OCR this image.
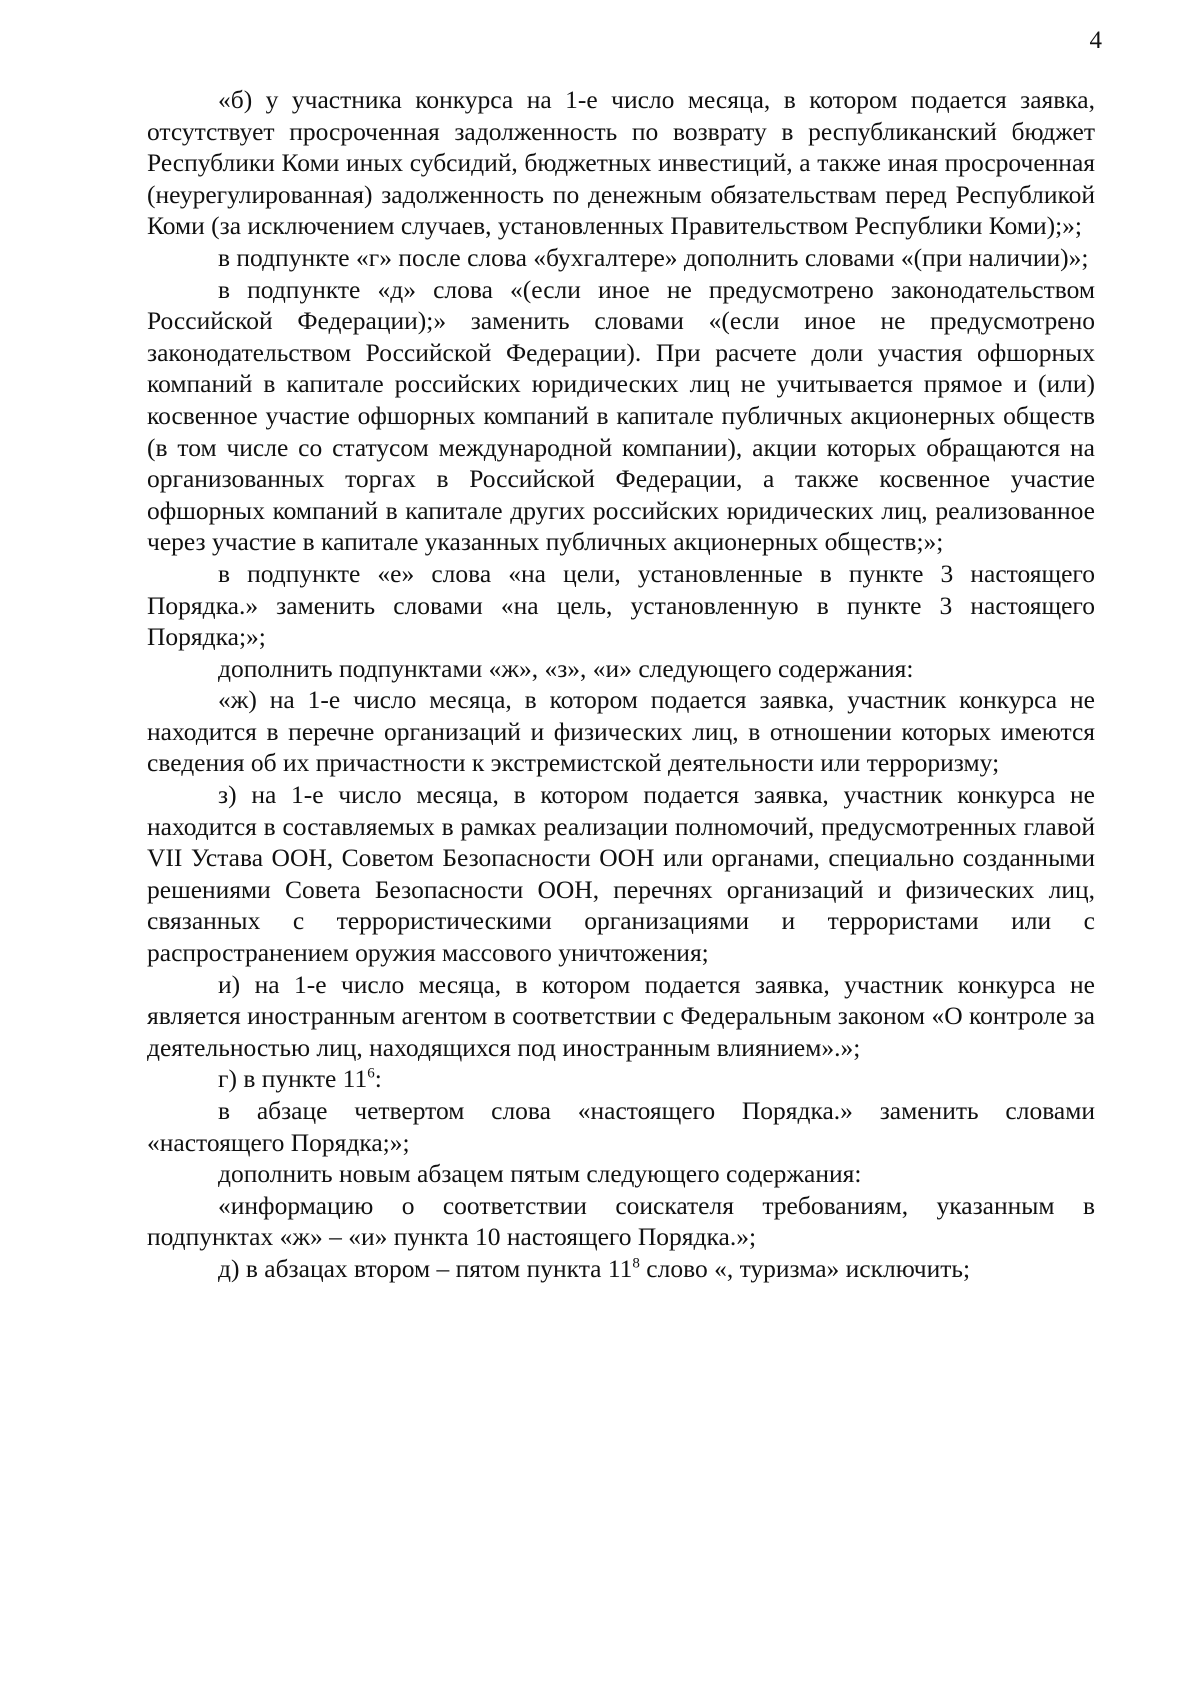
4

«б) у участника конкурса на 1-е число месяца, в котором подается заявка, отсутствует просроченная задолженность по возврату в республиканский бюджет Республики Коми иных субсидий, бюджетных инвестиций, а также иная просроченная (неурегулированная) задолженность по денежным обязательствам перед Республикой Коми (за исключением случаев, установленных Правительством Республики Коми);»;

в подпункте «г» после слова «бухгалтере» дополнить словами «(при наличии)»;

в подпункте «д» слова «(если иное не предусмотрено законодательством Российской Федерации);» заменить словами «(если иное не предусмотрено законодательством Российской Федерации). При расчете доли участия офшорных компаний в капитале российских юридических лиц не учитывается прямое и (или) косвенное участие офшорных компаний в капитале публичных акционерных обществ (в том числе со статусом международной компании), акции которых обращаются на организованных торгах в Российской Федерации, а также косвенное участие офшорных компаний в капитале других российских юридических лиц, реализованное через участие в капитале указанных публичных акционерных обществ;»;

в подпункте «е» слова «на цели, установленные в пункте 3 настоящего Порядка.» заменить словами «на цель, установленную в пункте 3 настоящего Порядка;»;

дополнить подпунктами «ж», «з», «и» следующего содержания:

«ж) на 1-е число месяца, в котором подается заявка, участник конкурса не находится в перечне организаций и физических лиц, в отношении которых имеются сведения об их причастности к экстремистской деятельности или терроризму;

з) на 1-е число месяца, в котором подается заявка, участник конкурса не находится в составляемых в рамках реализации полномочий, предусмотренных главой VII Устава ООН, Советом Безопасности ООН или органами, специально созданными решениями Совета Безопасности ООН, перечнях организаций и физических лиц, связанных с террористическими организациями и террористами или с распространением оружия массового уничтожения;

и) на 1-е число месяца, в котором подается заявка, участник конкурса не является иностранным агентом в соответствии с Федеральным законом «О контроле за деятельностью лиц, находящихся под иностранным влиянием».»;

г) в пункте $11^6$:

в абзаце четвертом слова «настоящего Порядка.» заменить словами «настоящего Порядка;»;

дополнить новым абзацем пятым следующего содержания:

«информацию о соответствии соискателя требованиям, указанным в подпунктах «ж» – «и» пункта 10 настоящего Порядка.»;

д) в абзацах втором – пятом пункта $11^8$ слово «, туризма» исключить;
